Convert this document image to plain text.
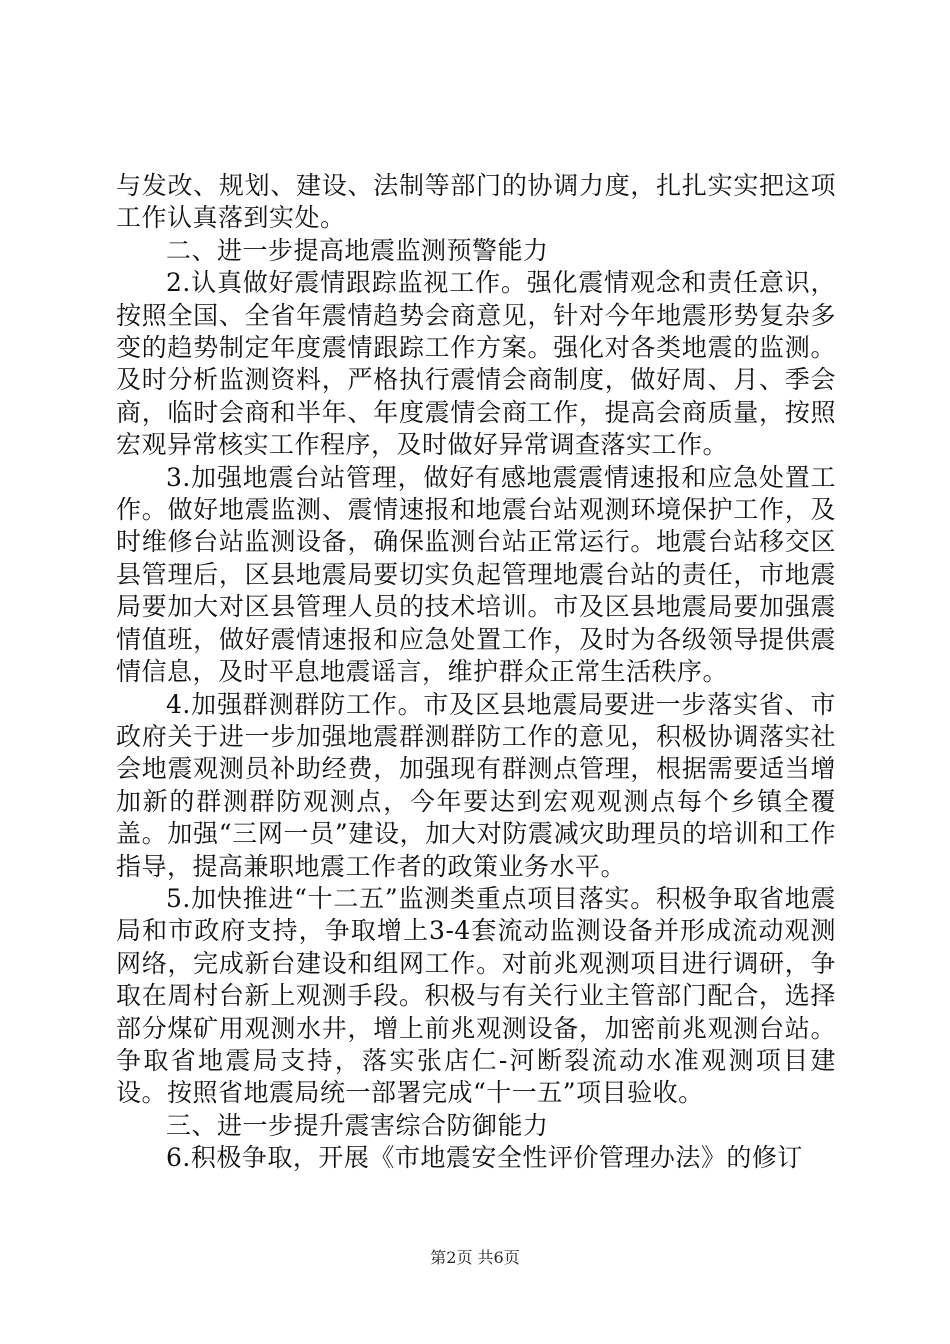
与发改、规划、建设、法制等部门的协调力度，扎扎实实把这项工作认真落到实处。

二、进一步提高地震监测预警能力

2.认真做好震情跟踪监视工作。强化震情观念和责任意识，按照全国、全省年震情趋势会商意见，针对今年地震形势复杂多变的趋势制定年度震情跟踪工作方案。强化对各类地震的监测。及时分析监测资料，严格执行震情会商制度，做好周、月、季会商，临时会商和半年、年度震情会商工作，提高会商质量，按照宏观异常核实工作程序，及时做好异常调查落实工作。

3.加强地震台站管理，做好有感地震震情速报和应急处置工作。做好地震监测、震情速报和地震台站观测环境保护工作，及时维修台站监测设备，确保监测台站正常运行。地震台站移交区县管理后，区县地震局要切实负起管理地震台站的责任，市地震局要加大对区县管理人员的技术培训。市及区县地震局要加强震情值班，做好震情速报和应急处置工作，及时为各级领导提供震情信息，及时平息地震谣言，维护群众正常生活秩序。

4.加强群测群防工作。市及区县地震局要进一步落实省、市政府关于进一步加强地震群测群防工作的意见，积极协调落实社会地震观测员补助经费，加强现有群测点管理，根据需要适当增加新的群测群防观测点，今年要达到宏观观测点每个乡镇全覆盖。加强“三网一员”建设，加大对防震减灾助理员的培训和工作指导，提高兼职地震工作者的政策业务水平。

5.加快推进“十二五”监测类重点项目落实。积极争取省地震局和市政府支持，争取增上3-4套流动监测设备并形成流动观测网络，完成新台建设和组网工作。对前兆观测项目进行调研，争取在周村台新上观测手段。积极与有关行业主管部门配合，选择部分煤矿用观测水井，增上前兆观测设备，加密前兆观测台站。争取省地震局支持，落实张店仁-河断裂流动水准观测项目建设。按照省地震局统一部署完成“十一五”项目验收。

三、进一步提升震害综合防御能力

6.积极争取，开展《市地震安全性评价管理办法》的修订

第2页 共6页
